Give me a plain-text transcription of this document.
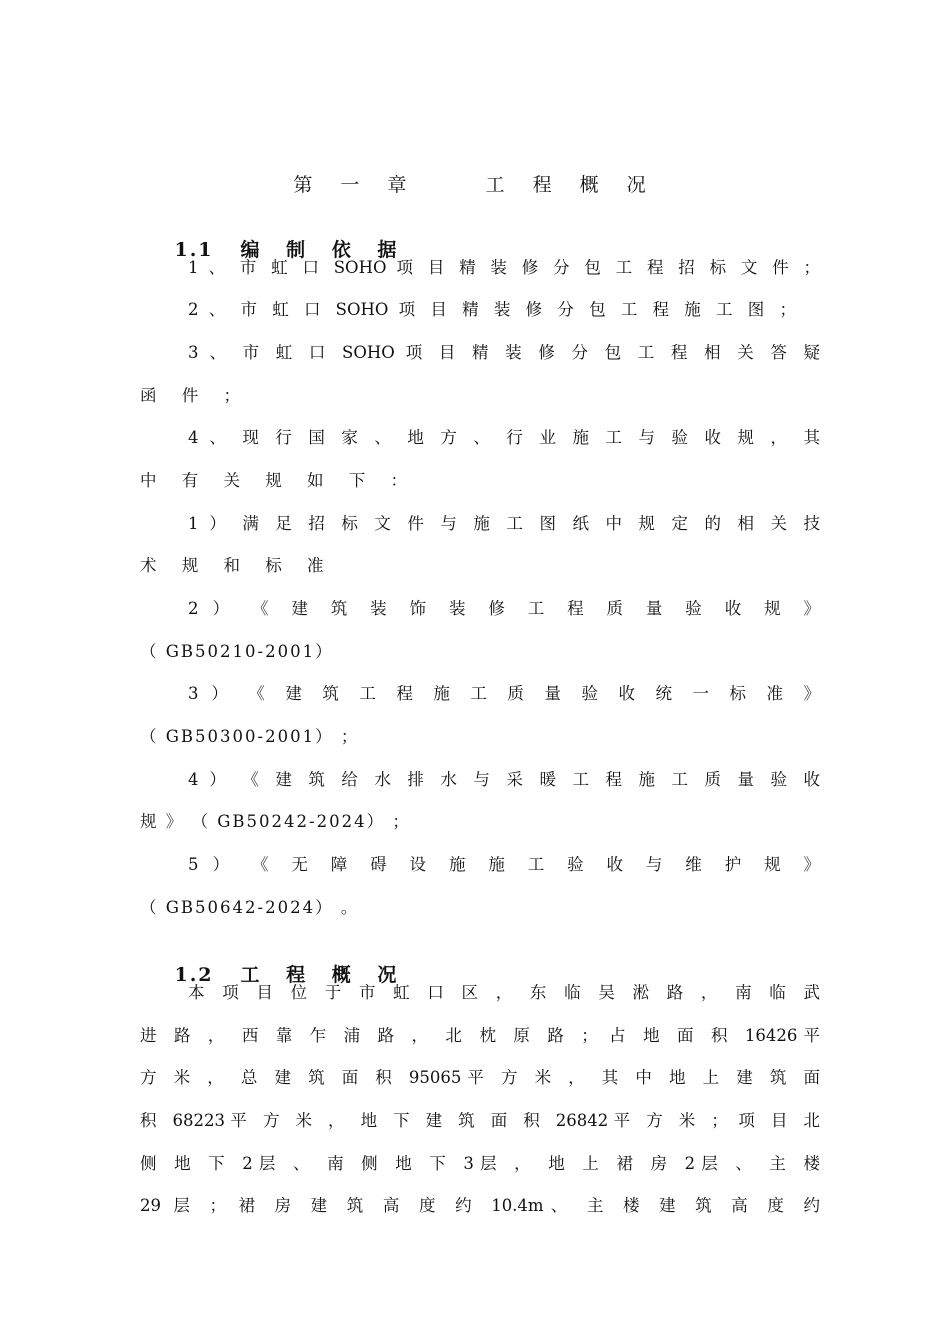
第 一 章    工 程 概 况

1.1 编 制 依 据

1 、 市 虹 口 SOHO 项 目 精 装 修 分 包 工 程 招 标 文 件 ；
2 、 市 虹 口 SOHO 项 目 精 装 修 分 包 工 程 施 工 图 ；
3 、 市 虹 口 SOHO 项 目 精 装 修 分 包 工 程 相 关 答 疑
函 件 ；
4 、 现 行 国 家 、 地 方 、 行 业 施 工 与 验 收 规 ， 其
中 有 关 规 如 下 ：
1 ） 满 足 招 标 文 件 与 施 工 图 纸 中 规 定 的 相 关 技
术 规 和 标 准
2 ） 《 建 筑 装 饰 装 修 工 程 质 量 验 收 规 》
（ GB50210-2001）
3 ） 《 建 筑 工 程 施 工 质 量 验 收 统 一 标 准 》
（ GB50300-2001） ；
4 ） 《 建 筑 给 水 排 水 与 采 暖 工 程 施 工 质 量 验 收
规 》 （ GB50242-2024） ；
5 ） 《 无 障 碍 设 施 施 工 验 收 与 维 护 规 》
（ GB50642-2024） 。

1.2 工 程 概 况

本 项 目 位 于 市 虹 口 区 ， 东 临 吴 淞 路 ， 南 临 武
进 路 ， 西 靠 乍 浦 路 ， 北 枕 原 路 ； 占 地 面 积 16426平
方 米 ， 总 建 筑 面 积 95065平 方 米 ， 其 中 地 上 建 筑 面
积 68223平 方 米 ， 地 下 建 筑 面 积 26842平 方 米 ； 项 目 北
侧 地 下 2层 、 南 侧 地 下 3层 ， 地 上 裙 房 2层 、 主 楼
29 层 ； 裙 房 建 筑 高 度 约 10.4m、 主 楼 建 筑 高 度 约
